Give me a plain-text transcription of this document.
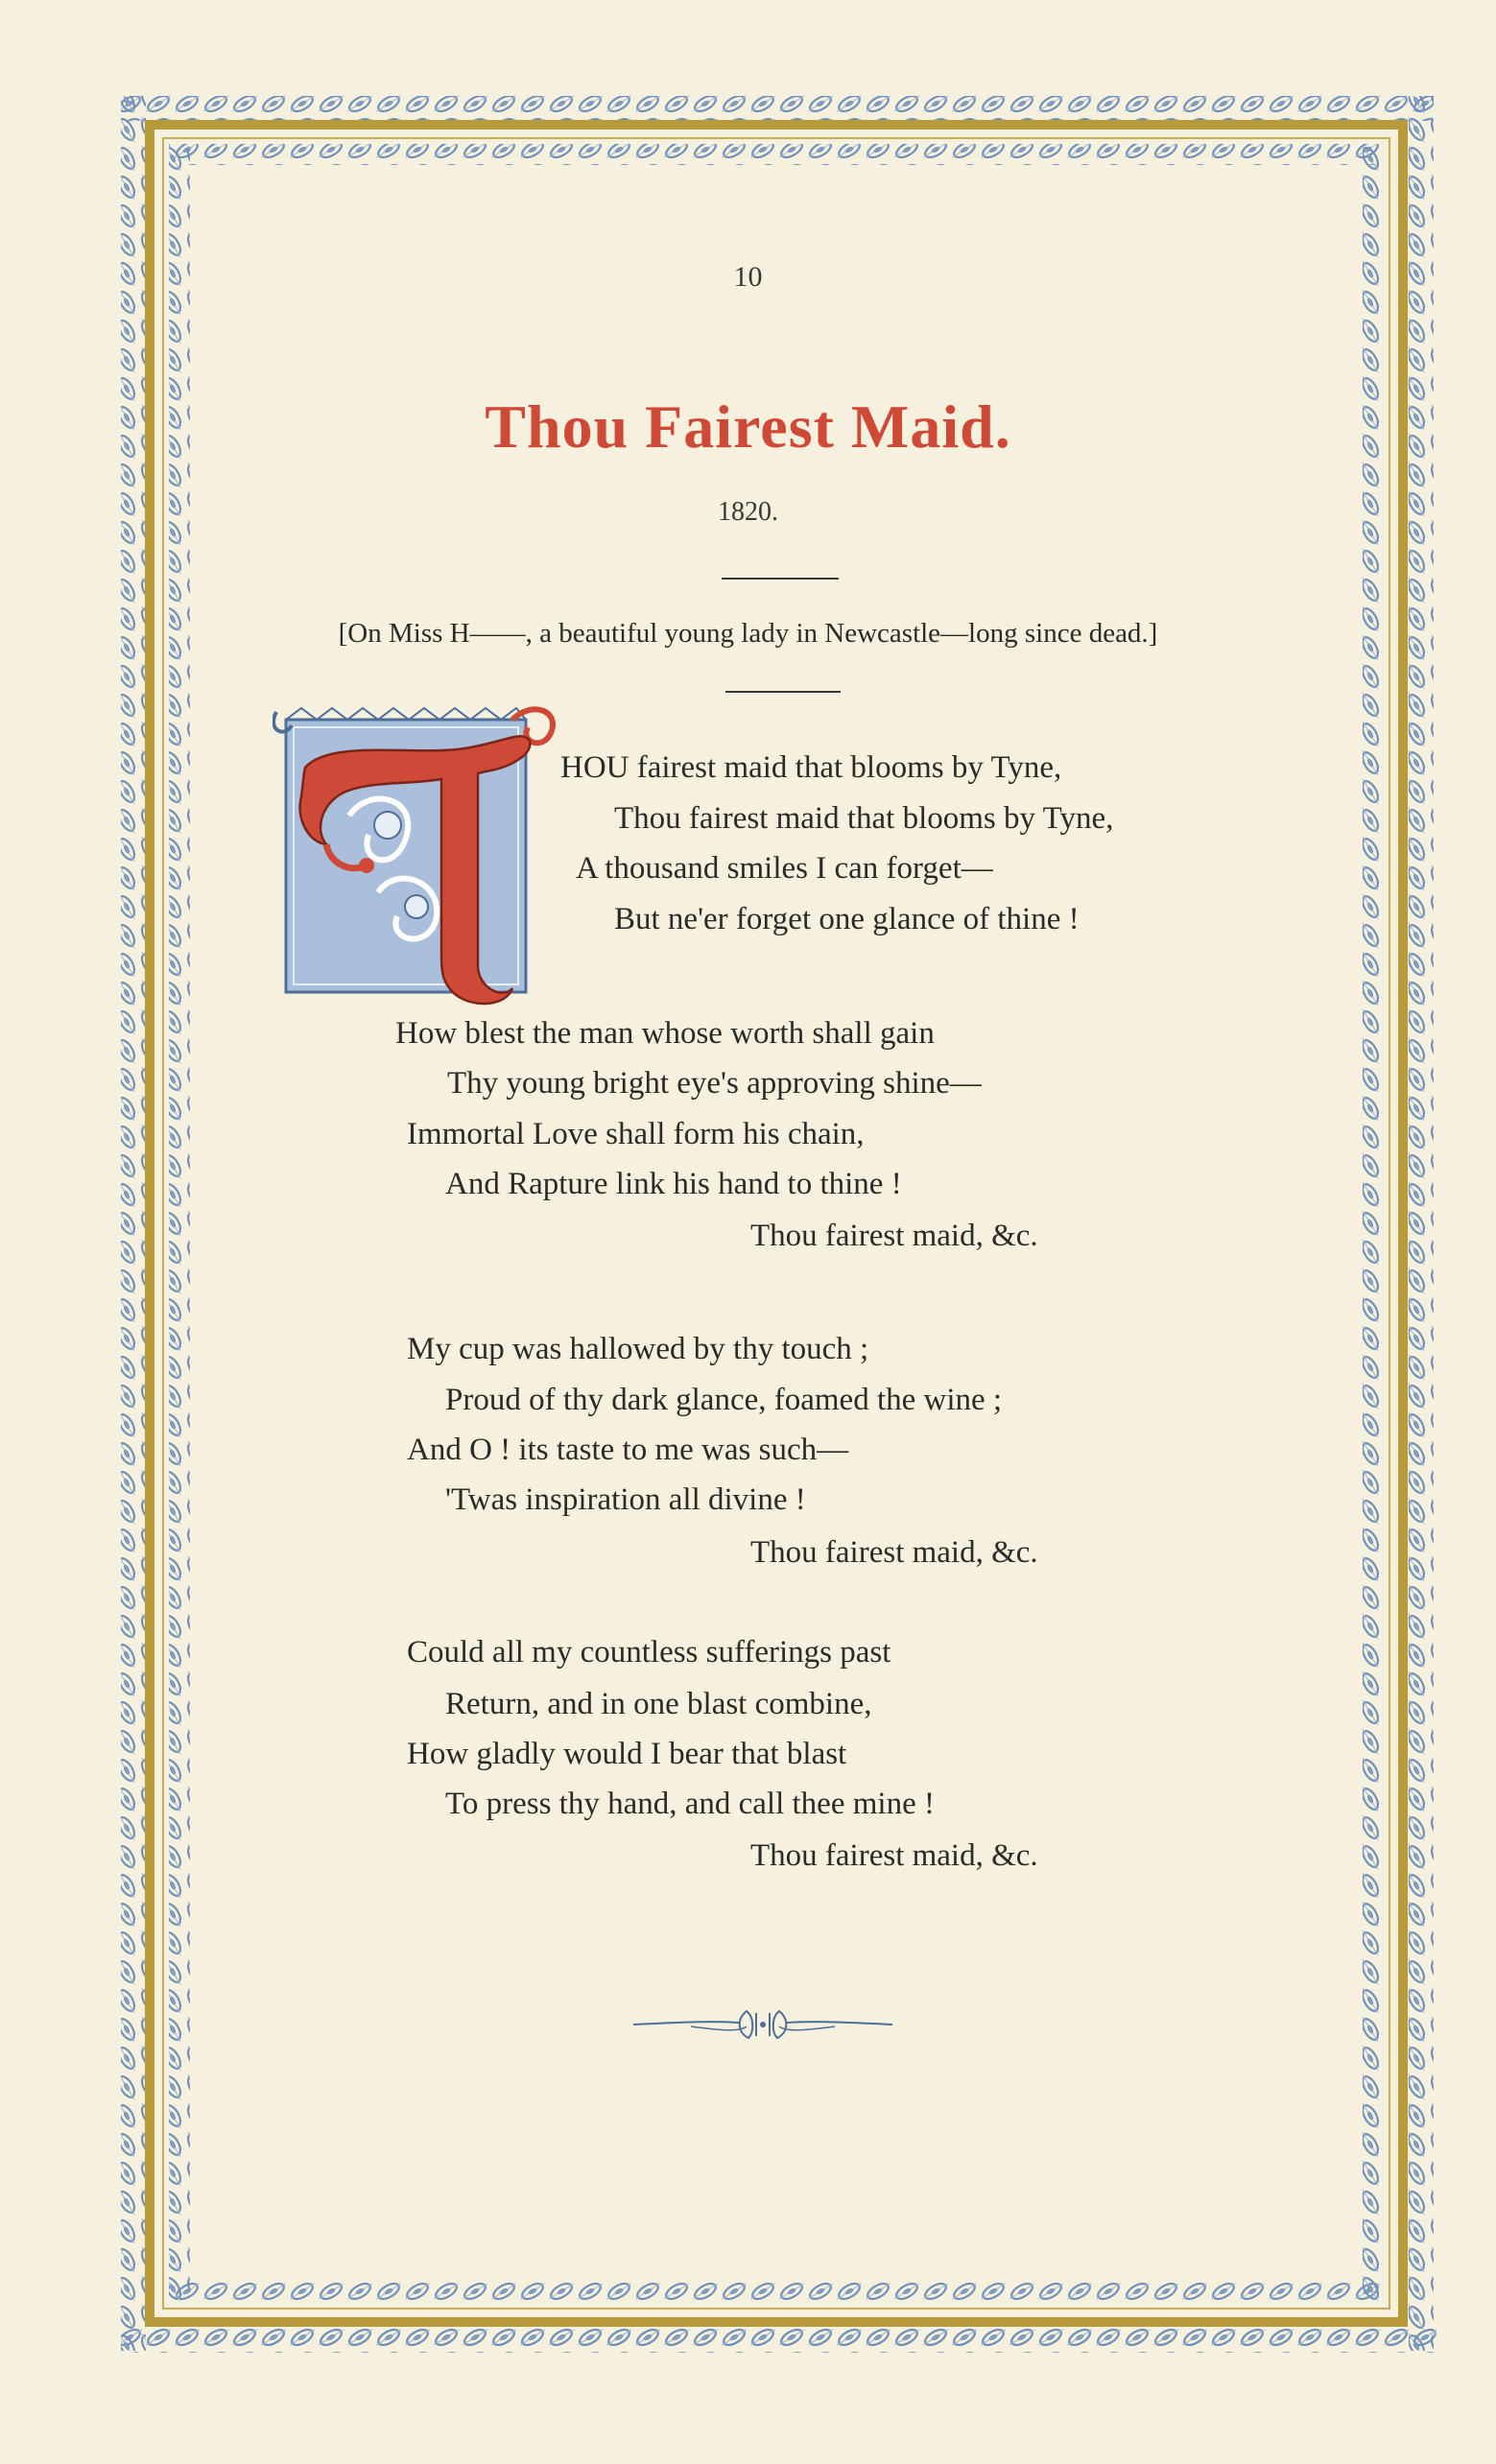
10
Thou Fairest Maid.
1820.
[On Miss H——, a beautiful young lady in Newcastle—long since dead.]
T
HOU fairest maid that blooms by Tyne,
Thou fairest maid that blooms by Tyne,
A thousand smiles I can forget—
But ne'er forget one glance of thine !
How blest the man whose worth shall gain
Thy young bright eye's approving shine—
Immortal Love shall form his chain,
And Rapture link his hand to thine !
Thou fairest maid, &c.
My cup was hallowed by thy touch ;
Proud of thy dark glance, foamed the wine ;
And O ! its taste to me was such—
'Twas inspiration all divine !
Thou fairest maid, &c.
Could all my countless sufferings past
Return, and in one blast combine,
How gladly would I bear that blast
To press thy hand, and call thee mine !
Thou fairest maid, &c.
